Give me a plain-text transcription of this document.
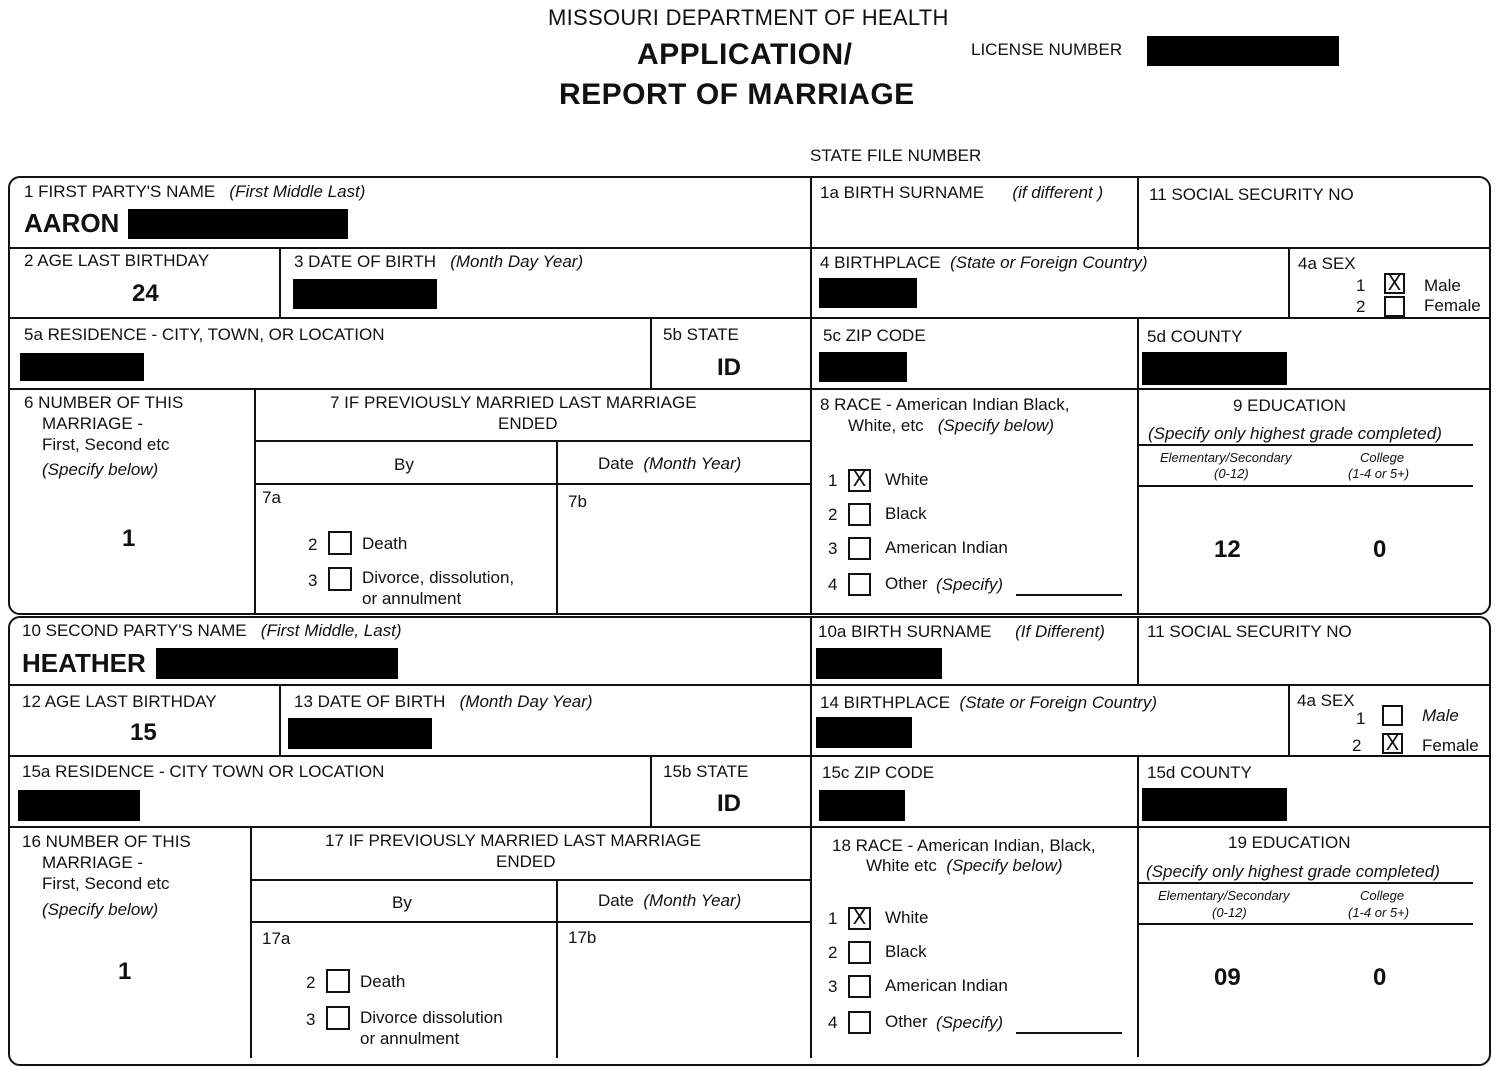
MISSOURI DEPARTMENT OF HEALTH
APPLICATION/
REPORT OF MARRIAGE
LICENSE NUMBER
STATE FILE NUMBER
1 FIRST PARTY'S NAME (First Middle Last)
AARON
1a BIRTH SURNAME (if different )	11 SOCIAL SECURITY NO
2 AGE LAST BIRTHDAY
24
3 DATE OF BIRTH (Month Day Year)	4 BIRTHPLACE (State or Foreign Country)	4a SEX
1 X Male
2	Female
5a RESIDENCE - CITY, TOWN, OR LOCATION	5b STATE
ID
5c ZIP CODE	5d COUNTY
6 NUMBER OF THIS
MARRIAGE -
First, Second etc
(Specify below)
1
7 IF PREVIOUSLY MARRIED LAST MARRIAGE
ENDED
By	Date (Month Year)
7a	7b
2	Death
3	Divorce, dissolution,
or annulment
8 RACE - American Indian Black,
White, etc (Specify below)
1 X White
2	Black
3	American Indian
4	Other (Specify)
9 EDUCATION
(Specify only highest grade completed)
Elementary/Secondary
(0-12)
College
(1-4 or 5+)
12	0
10 SECOND PARTY'S NAME (First Middle, Last)
HEATHER
10a BIRTH SURNAME (If Different) 11 SOCIAL SECURITY NO
12 AGE LAST BIRTHDAY
15
13 DATE OF BIRTH (Month Day Year)	14 BIRTHPLACE (State or Foreign Country)	4a SEX
1	Male
2 X Female
15a RESIDENCE - CITY TOWN OR LOCATION	15b STATE
ID
15c ZIP CODE	15d COUNTY
16 NUMBER OF THIS
MARRIAGE -
First, Second etc
(Specify below)
1
17 IF PREVIOUSLY MARRIED LAST MARRIAGE
ENDED
By	Date (Month Year)
17a	17b
2	Death
3	Divorce dissolution
or annulment
18 RACE - American Indian, Black,
White etc (Specify below)
1 X White
2	Black
3	American Indian
4	Other (Specify)
19 EDUCATION
(Specify only highest grade completed)
Elementary/Secondary
(0-12)
College
(1-4 or 5+)
09	0
